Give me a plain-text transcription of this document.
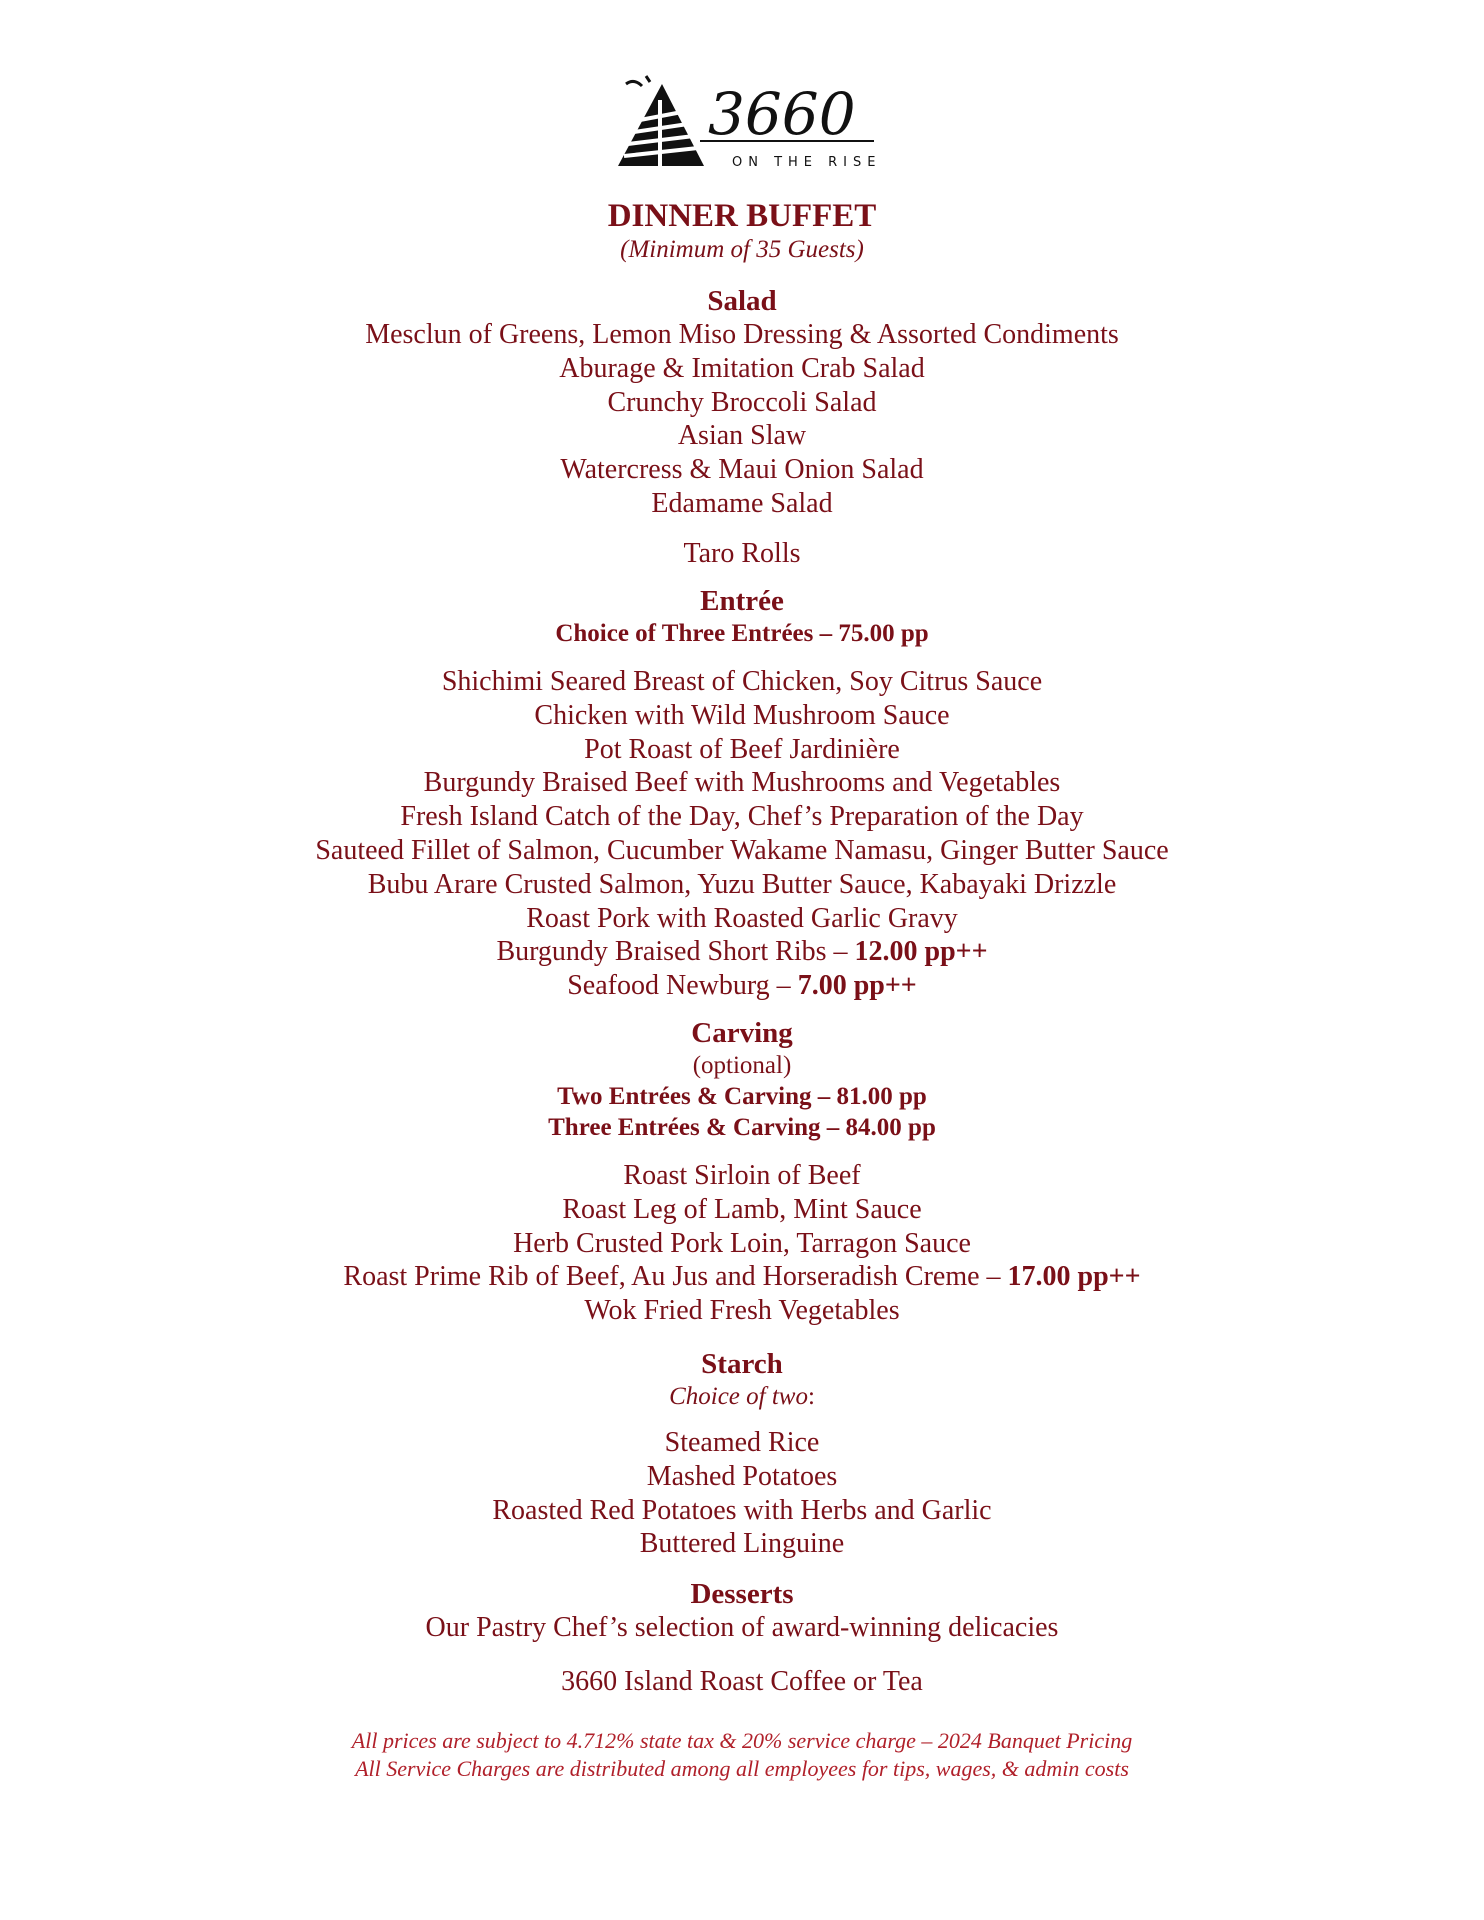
3660
ON THE RISE
DINNER BUFFET
(Minimum of 35 Guests)
Salad
Mesclun of Greens, Lemon Miso Dressing & Assorted Condiments
Aburage & Imitation Crab Salad
Crunchy Broccoli Salad
Asian Slaw
Watercress & Maui Onion Salad
Edamame Salad
Taro Rolls
Entrée
Choice of Three Entrées – 75.00 pp
Shichimi Seared Breast of Chicken, Soy Citrus Sauce
Chicken with Wild Mushroom Sauce
Pot Roast of Beef Jardinière
Burgundy Braised Beef with Mushrooms and Vegetables
Fresh Island Catch of the Day, Chef’s Preparation of the Day
Sauteed Fillet of Salmon, Cucumber Wakame Namasu, Ginger Butter Sauce
Bubu Arare Crusted Salmon, Yuzu Butter Sauce, Kabayaki Drizzle
Roast Pork with Roasted Garlic Gravy
Burgundy Braised Short Ribs – 12.00 pp++
Seafood Newburg – 7.00 pp++
Carving
(optional)
Two Entrées & Carving – 81.00 pp
Three Entrées & Carving – 84.00 pp
Roast Sirloin of Beef
Roast Leg of Lamb, Mint Sauce
Herb Crusted Pork Loin, Tarragon Sauce
Roast Prime Rib of Beef, Au Jus and Horseradish Creme – 17.00 pp++
Wok Fried Fresh Vegetables
Starch
Choice of two:
Steamed Rice
Mashed Potatoes
Roasted Red Potatoes with Herbs and Garlic
Buttered Linguine
Desserts
Our Pastry Chef’s selection of award-winning delicacies
3660 Island Roast Coffee or Tea
All prices are subject to 4.712% state tax & 20% service charge – 2024 Banquet Pricing
All Service Charges are distributed among all employees for tips, wages, & admin costs
